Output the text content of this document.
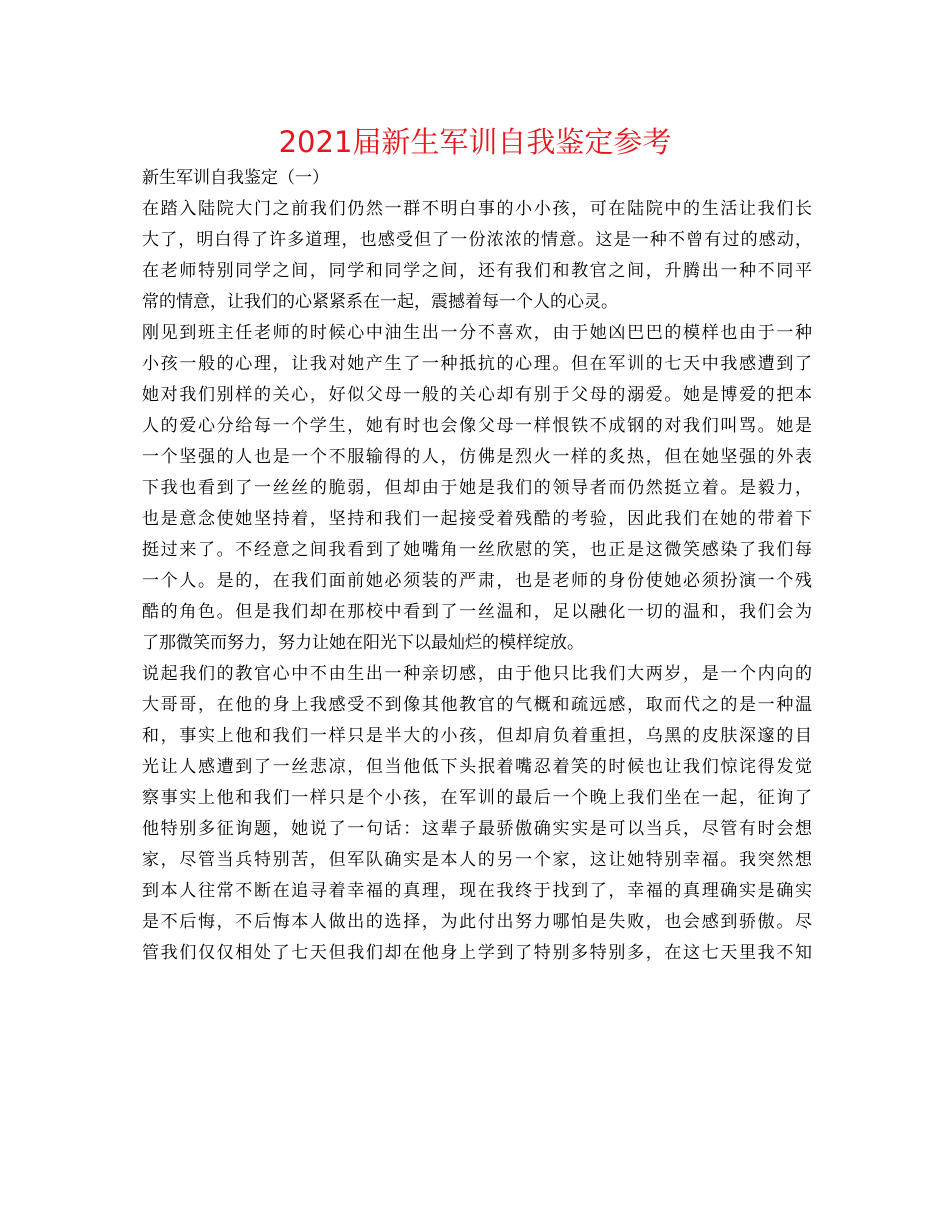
2021届新生军训自我鉴定参考
新生军训自我鉴定（一）
在踏入陆院大门之前我们仍然一群不明白事的小小孩，可在陆院中的生活让我们长
大了，明白得了许多道理，也感受但了一份浓浓的情意。这是一种不曾有过的感动，
在老师特别同学之间，同学和同学之间，还有我们和教官之间，升腾出一种不同平
常的情意，让我们的心紧紧系在一起，震撼着每一个人的心灵。
刚见到班主任老师的时候心中油生出一分不喜欢，由于她凶巴巴的模样也由于一种
小孩一般的心理，让我对她产生了一种抵抗的心理。但在军训的七天中我感遭到了
她对我们别样的关心，好似父母一般的关心却有别于父母的溺爱。她是博爱的把本
人的爱心分给每一个学生，她有时也会像父母一样恨铁不成钢的对我们叫骂。她是
一个坚强的人也是一个不服输得的人，仿佛是烈火一样的炙热，但在她坚强的外表
下我也看到了一丝丝的脆弱，但却由于她是我们的领导者而仍然挺立着。是毅力，
也是意念使她坚持着，坚持和我们一起接受着残酷的考验，因此我们在她的带着下
挺过来了。不经意之间我看到了她嘴角一丝欣慰的笑，也正是这微笑感染了我们每
一个人。是的，在我们面前她必须装的严肃，也是老师的身份使她必须扮演一个残
酷的角色。但是我们却在那校中看到了一丝温和，足以融化一切的温和，我们会为
了那微笑而努力，努力让她在阳光下以最灿烂的模样绽放。
说起我们的教官心中不由生出一种亲切感，由于他只比我们大两岁，是一个内向的
大哥哥，在他的身上我感受不到像其他教官的气概和疏远感，取而代之的是一种温
和，事实上他和我们一样只是半大的小孩，但却肩负着重担，乌黑的皮肤深邃的目
光让人感遭到了一丝悲凉，但当他低下头抿着嘴忍着笑的时候也让我们惊诧得发觉
察事实上他和我们一样只是个小孩，在军训的最后一个晚上我们坐在一起，征询了
他特别多征询题，她说了一句话：这辈子最骄傲确实实是可以当兵，尽管有时会想
家，尽管当兵特别苦，但军队确实是本人的另一个家，这让她特别幸福。我突然想
到本人往常不断在追寻着幸福的真理，现在我终于找到了，幸福的真理确实是确实
是不后悔，不后悔本人做出的选择，为此付出努力哪怕是失败，也会感到骄傲。尽
管我们仅仅相处了七天但我们却在他身上学到了特别多特别多，在这七天里我不知
